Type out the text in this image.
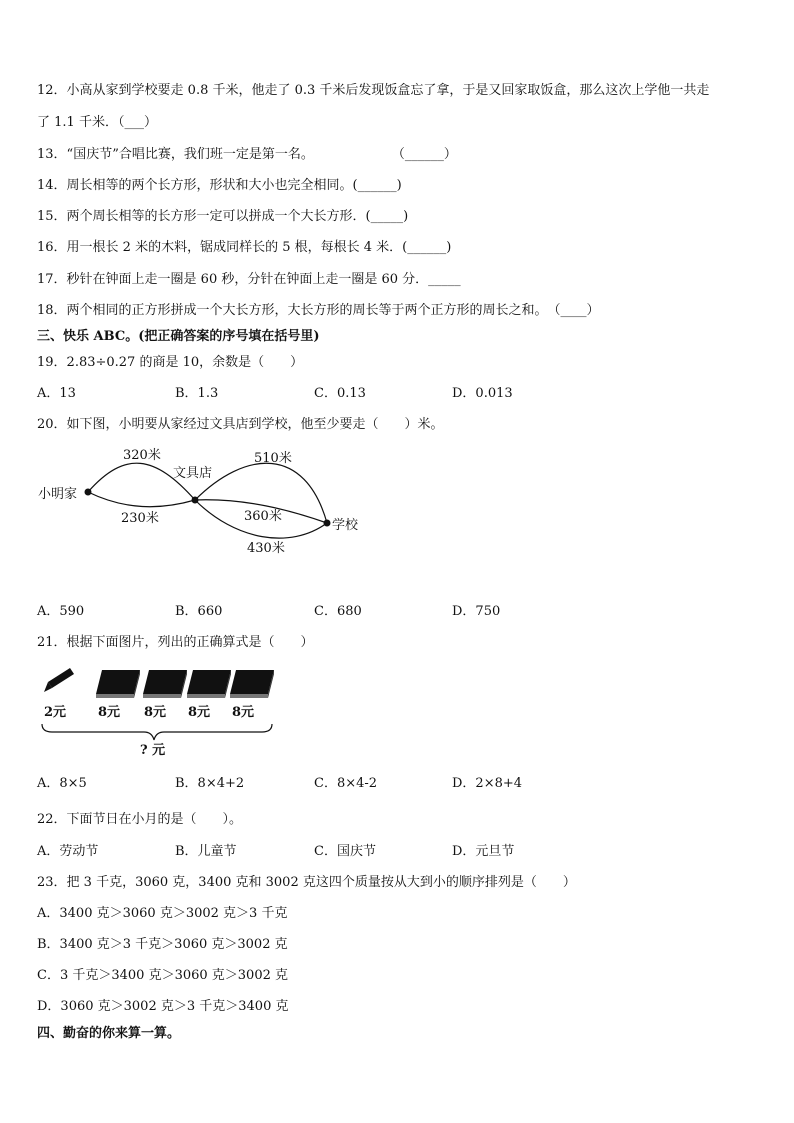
12．小高从家到学校要走 0.8 千米，他走了 0.3 千米后发现饭盒忘了拿，于是又回家取饭盒，那么这次上学他一共走
了 1.1 千米．（___）
13．“国庆节”合唱比赛，我们班一定是第一名。　　　　　　　（______）
14．周长相等的两个长方形，形状和大小也完全相同。(______)
15．两个周长相等的长方形一定可以拼成一个大长方形．(_____)
16．用一根长 2 米的木料，锯成同样长的 5 根，每根长 4 米．(______)
17．秒针在钟面上走一圈是 60 秒，分针在钟面上走一圈是 60 分．_____
18．两个相同的正方形拼成一个大长方形，大长方形的周长等于两个正方形的周长之和。　（____）
三、快乐 ABC。(把正确答案的序号填在括号里)
19．2.83÷0.27 的商是 10，余数是（　　）
A．13	B．1.3	C．0.13	D．0.013
20．如下图，小明要从家经过文具店到学校，他至少要走（　　）米。
小明家
文具店
学校
320米
230米
510米
360米
430米
A．590	B．660	C．680	D．750
21．根据下面图片，列出的正确算式是（　　）
2元 8元 8元 8元 8元
? 元
A．8×5	B．8×4+2	C．8×4-2	D．2×8+4
22．下面节日在小月的是（　　）。
A．劳动节	B．儿童节	C．国庆节	D．元旦节
23．把 3 千克，3060 克，3400 克和 3002 克这四个质量按从大到小的顺序排列是（　　）
A．3400 克＞3060 克＞3002 克＞3 千克
B．3400 克＞3 千克＞3060 克＞3002 克
C．3 千克＞3400 克＞3060 克＞3002 克
D．3060 克＞3002 克＞3 千克＞3400 克
四、勤奋的你来算一算。
